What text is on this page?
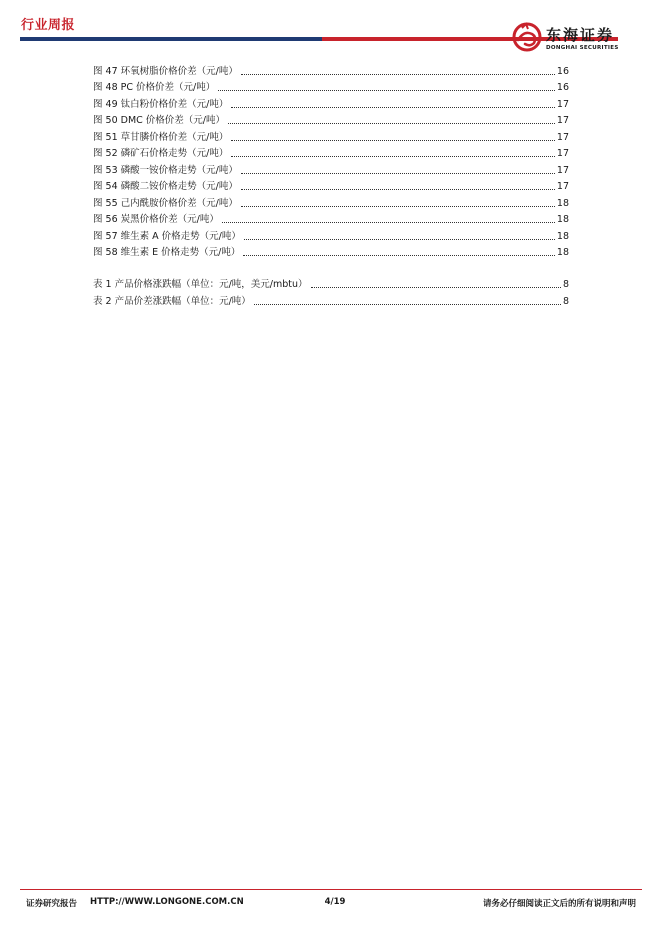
行业周报
东海证券
DONGHAI SECURITIES
图 47 环氧树脂价格价差（元/吨）	16
图 48 PC 价格价差（元/吨）	16
图 49 钛白粉价格价差（元/吨）	17
图 50 DMC 价格价差（元/吨）	17
图 51 草甘膦价格价差（元/吨）	17
图 52 磷矿石价格走势（元/吨）	17
图 53 磷酸一铵价格走势（元/吨）	17
图 54 磷酸二铵价格走势（元/吨）	17
图 55 己内酰胺价格价差（元/吨）	18
图 56 炭黑价格价差（元/吨）	18
图 57 维生素 A 价格走势（元/吨）	18
图 58 维生素 E 价格走势（元/吨）	18
表 1 产品价格涨跌幅（单位：元/吨，美元/mbtu）	8
表 2 产品价差涨跌幅（单位：元/吨）	8
证券研究报告 HTTP://WWW.LONGONE.COM.CN	4/19	请务必仔细阅读正文后的所有说明和声明
